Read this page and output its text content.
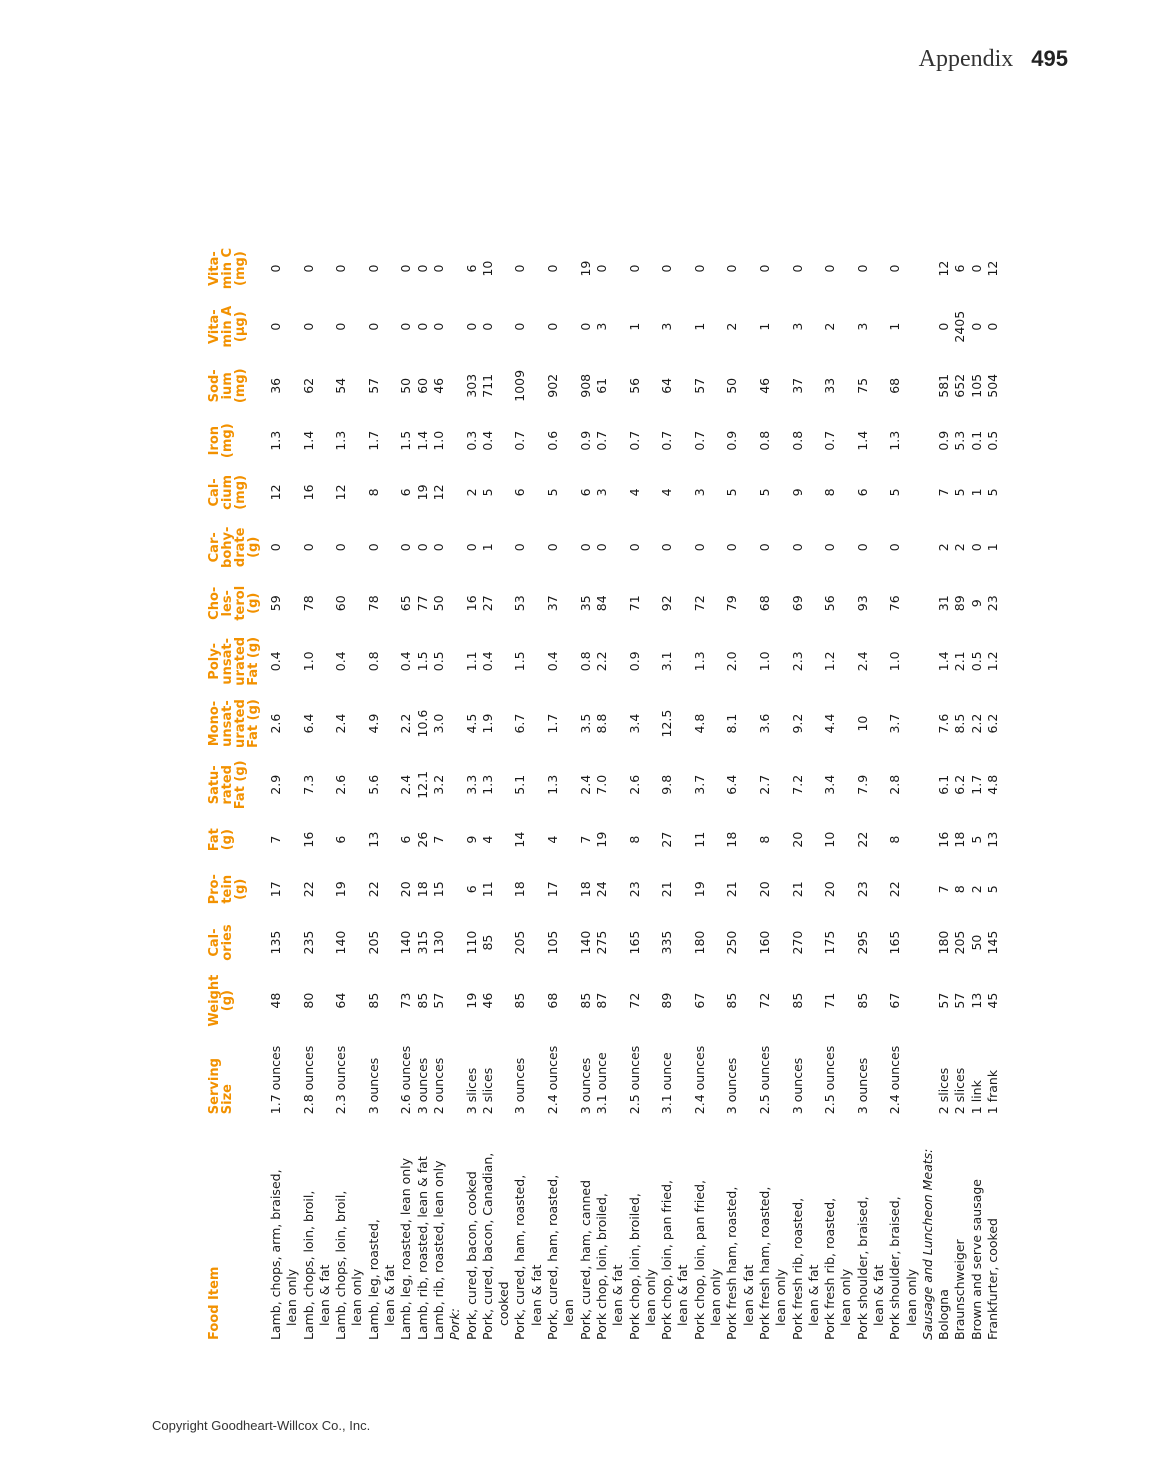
Appendix 495
Food Item	Serving Size	Weight (g)	Cal- ories	Pro- tein (g)	Fat (g)	Satu- rated Fat (g)	Mono- unsat- urated Fat (g)	Poly- unsat- urated Fat (g)	Cho- les- terol (g)	Car- bohy- drate (g)	Cal- cium (mg)	Iron (mg)	Sod- ium (mg)	Vita- min A (µg)	Vita- min C (mg)
Lamb, chops, arm, braised, lean only	1.7 ounces	48	135	17	7	2.9	2.6	0.4	59	0	12	1.3	36	0	0
Lamb, chops, loin, broil, lean & fat	2.8 ounces	80	235	22	16	7.3	6.4	1.0	78	0	16	1.4	62	0	0
Lamb, chops, loin, broil, lean only	2.3 ounces	64	140	19	6	2.6	2.4	0.4	60	0	12	1.3	54	0	0
Lamb, leg, roasted, lean & fat	3 ounces	85	205	22	13	5.6	4.9	0.8	78	0	8	1.7	57	0	0
Lamb, leg, roasted, lean only	2.6 ounces	73	140	20	6	2.4	2.2	0.4	65	0	6	1.5	50	0	0
Lamb, rib, roasted, lean & fat	3 ounces	85	315	18	26	12.1	10.6	1.5	77	0	19	1.4	60	0	0
Lamb, rib, roasted, lean only	2 ounces	57	130	15	7	3.2	3.0	0.5	50	0	12	1.0	46	0	0
Pork:															
Pork, cured, bacon, cooked	3 slices	19	110	6	9	3.3	4.5	1.1	16	0	2	0.3	303	0	6
Pork, cured, bacon, Canadian, cooked	2 slices	46	85	11	4	1.3	1.9	0.4	27	1	5	0.4	711	0	10
Pork, cured, ham, roasted, lean & fat	3 ounces	85	205	18	14	5.1	6.7	1.5	53	0	6	0.7	1009	0	0
Pork, cured, ham, roasted, lean	2.4 ounces	68	105	17	4	1.3	1.7	0.4	37	0	5	0.6	902	0	0
Pork, cured, ham, canned	3 ounces	85	140	18	7	2.4	3.5	0.8	35	0	6	0.9	908	0	19
Pork chop, loin, broiled, lean & fat	3.1 ounce	87	275	24	19	7.0	8.8	2.2	84	0	3	0.7	61	3	0
Pork chop, loin, broiled, lean only	2.5 ounces	72	165	23	8	2.6	3.4	0.9	71	0	4	0.7	56	1	0
Pork chop, loin, pan fried, lean & fat	3.1 ounce	89	335	21	27	9.8	12.5	3.1	92	0	4	0.7	64	3	0
Pork chop, loin, pan fried, lean only	2.4 ounces	67	180	19	11	3.7	4.8	1.3	72	0	3	0.7	57	1	0
Pork fresh ham, roasted, lean & fat	3 ounces	85	250	21	18	6.4	8.1	2.0	79	0	5	0.9	50	2	0
Pork fresh ham, roasted, lean only	2.5 ounces	72	160	20	8	2.7	3.6	1.0	68	0	5	0.8	46	1	0
Pork fresh rib, roasted, lean & fat	3 ounces	85	270	21	20	7.2	9.2	2.3	69	0	9	0.8	37	3	0
Pork fresh rib, roasted, lean only	2.5 ounces	71	175	20	10	3.4	4.4	1.2	56	0	8	0.7	33	2	0
Pork shoulder, braised, lean & fat	3 ounces	85	295	23	22	7.9	10	2.4	93	0	6	1.4	75	3	0
Pork shoulder, braised, lean only	2.4 ounces	67	165	22	8	2.8	3.7	1.0	76	0	5	1.3	68	1	0
Sausage and Luncheon Meats:															
Bologna	2 slices	57	180	7	16	6.1	7.6	1.4	31	2	7	0.9	581	0	12
Braunschweiger	2 slices	57	205	8	18	6.2	8.5	2.1	89	2	5	5.3	652	2405	6
Brown and serve sausage	1 link	13	50	2	5	1.7	2.2	0.5	9	0	1	0.1	105	0	0
Frankfurter, cooked	1 frank	45	145	5	13	4.8	6.2	1.2	23	1	5	0.5	504	0	12
Copyright Goodheart-Willcox Co., Inc.
